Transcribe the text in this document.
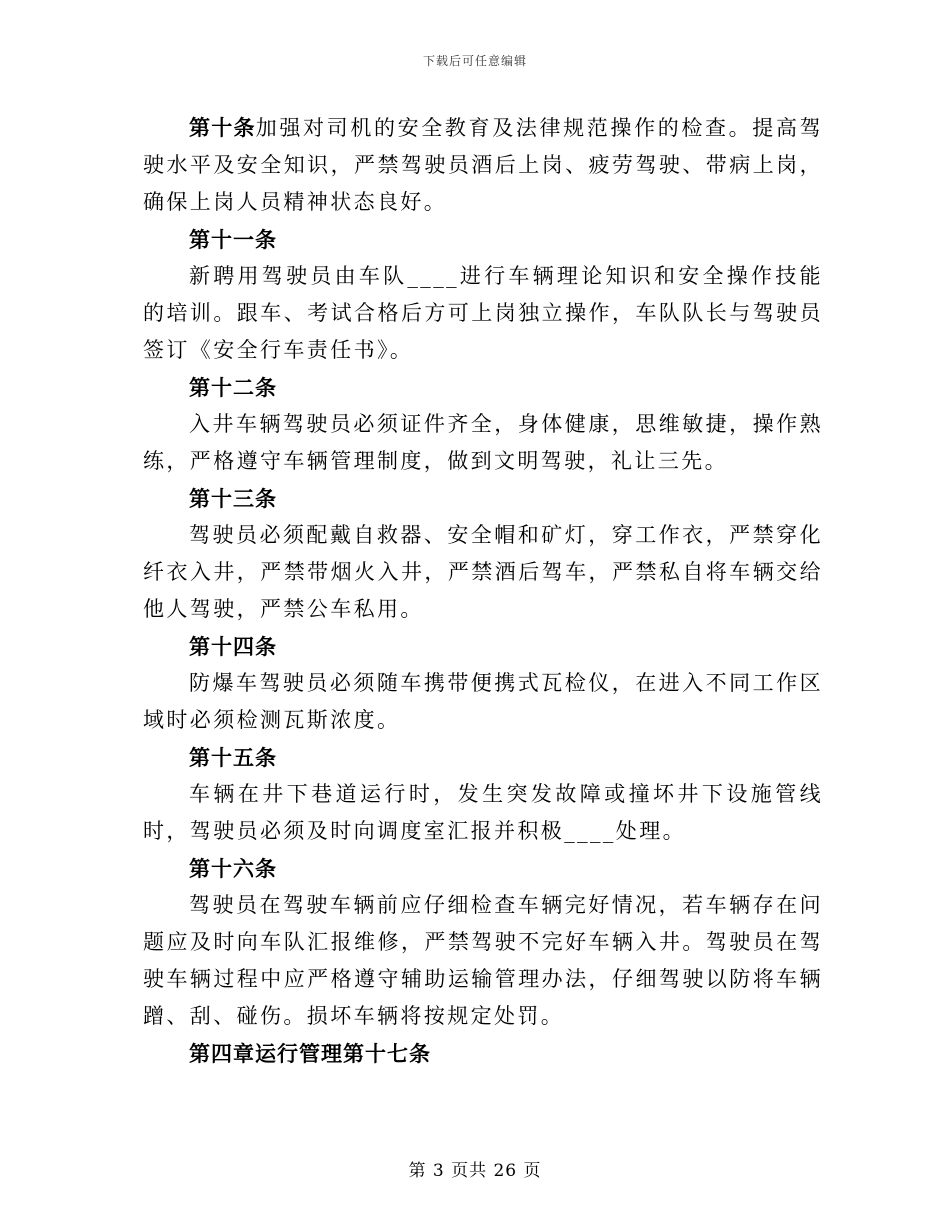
下载后可任意编辑

第十条加强对司机的安全教育及法律规范操作的检查。提高驾驶水平及安全知识，严禁驾驶员酒后上岗、疲劳驾驶、带病上岗，确保上岗人员精神状态良好。

第十一条

新聘用驾驶员由车队____进行车辆理论知识和安全操作技能的培训。跟车、考试合格后方可上岗独立操作，车队队长与驾驶员签订《安全行车责任书》。

第十二条

入井车辆驾驶员必须证件齐全，身体健康，思维敏捷，操作熟练，严格遵守车辆管理制度，做到文明驾驶，礼让三先。

第十三条

驾驶员必须配戴自救器、安全帽和矿灯，穿工作衣，严禁穿化纤衣入井，严禁带烟火入井，严禁酒后驾车，严禁私自将车辆交给他人驾驶，严禁公车私用。

第十四条

防爆车驾驶员必须随车携带便携式瓦检仪，在进入不同工作区域时必须检测瓦斯浓度。

第十五条

车辆在井下巷道运行时，发生突发故障或撞坏井下设施管线时，驾驶员必须及时向调度室汇报并积极____处理。

第十六条

驾驶员在驾驶车辆前应仔细检查车辆完好情况，若车辆存在问题应及时向车队汇报维修，严禁驾驶不完好车辆入井。驾驶员在驾驶车辆过程中应严格遵守辅助运输管理办法，仔细驾驶以防将车辆蹭、刮、碰伤。损坏车辆将按规定处罚。

第四章运行管理第十七条

第 3 页共 26 页
